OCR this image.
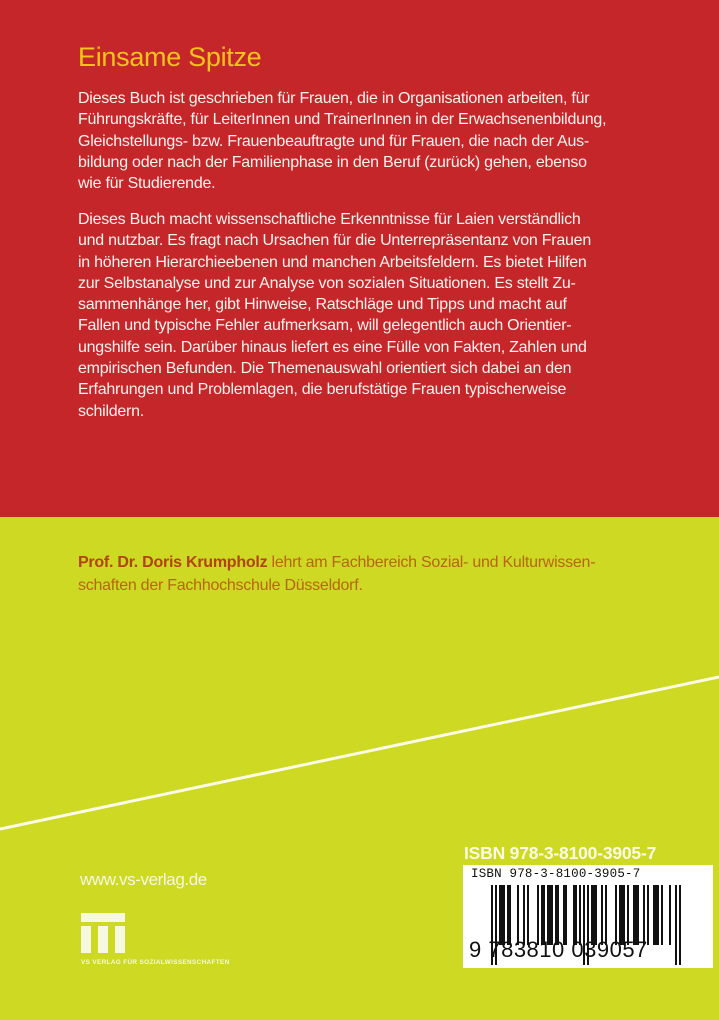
Einsame Spitze
Dieses Buch ist geschrieben für Frauen, die in Organisationen arbeiten, für
Führungskräfte, für LeiterInnen und TrainerInnen in der Erwachsenenbildung,
Gleichstellungs- bzw. Frauenbeauftragte und für Frauen, die nach der Aus-
bildung oder nach der Familienphase in den Beruf (zurück) gehen, ebenso
wie für Studierende.
Dieses Buch macht wissenschaftliche Erkenntnisse für Laien verständlich
und nutzbar. Es fragt nach Ursachen für die Unterrepräsentanz von Frauen
in höheren Hierarchieebenen und manchen Arbeitsfeldern. Es bietet Hilfen
zur Selbstanalyse und zur Analyse von sozialen Situationen. Es stellt Zu-
sammenhänge her, gibt Hinweise, Ratschläge und Tipps und macht auf
Fallen und typische Fehler aufmerksam, will gelegentlich auch Orientier-
ungshilfe sein. Darüber hinaus liefert es eine Fülle von Fakten, Zahlen und
empirischen Befunden. Die Themenauswahl orientiert sich dabei an den
Erfahrungen und Problemlagen, die berufstätige Frauen typischerweise
schildern.
Prof. Dr. Doris Krumpholz lehrt am Fachbereich Sozial- und Kulturwissen-
schaften der Fachhochschule Düsseldorf.
www.vs-verlag.de
VS VERLAG FÜR SOZIALWISSENSCHAFTEN
ISBN 978-3-8100-3905-7
ISBN 978-3-8100-3905-7
9 783810 039057
